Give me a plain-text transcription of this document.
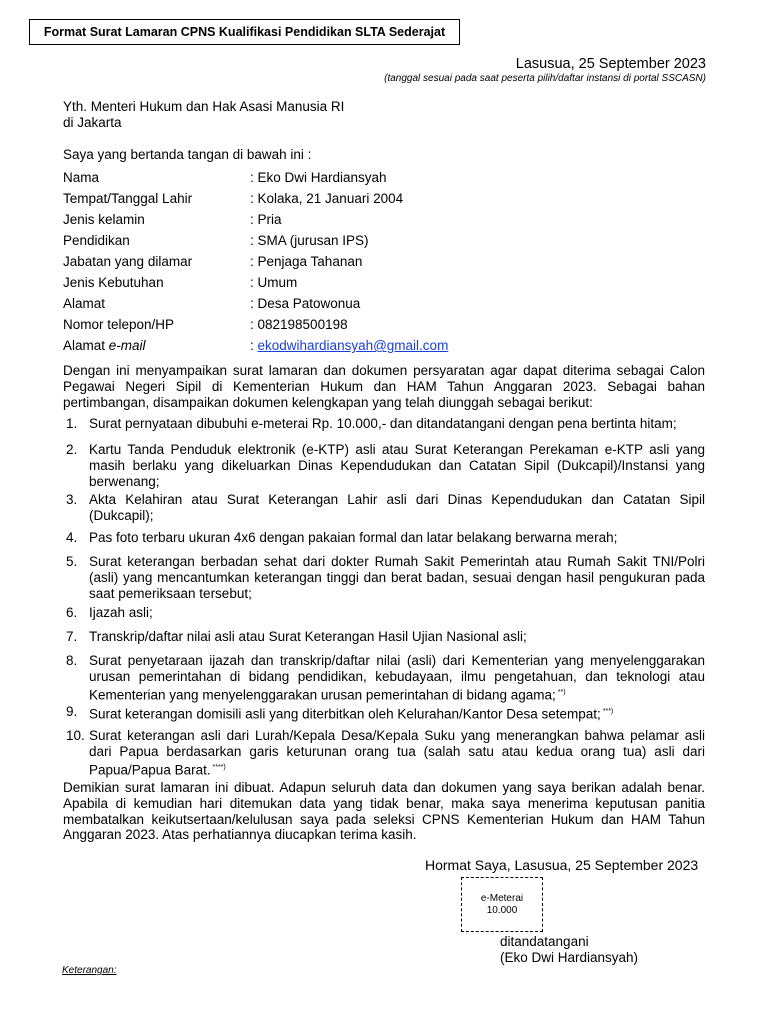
Format Surat Lamaran CPNS Kualifikasi Pendidikan SLTA Sederajat
Lasusua, 25 September 2023
(tanggal sesuai pada saat peserta pilih/daftar instansi di portal SSCASN)
Yth. Menteri Hukum dan Hak Asasi Manusia RI
di Jakarta
Saya yang bertanda tangan di bawah ini :
Nama	: Eko Dwi Hardiansyah
Tempat/Tanggal Lahir	: Kolaka, 21 Januari 2004
Jenis kelamin	: Pria
Pendidikan	: SMA (jurusan IPS)
Jabatan yang dilamar	: Penjaga Tahanan
Jenis Kebutuhan	: Umum
Alamat	: Desa Patowonua
Nomor telepon/HP	: 082198500198
Alamat e-mail	: ekodwihardiansyah@gmail.com
Dengan ini menyampaikan surat lamaran dan dokumen persyaratan agar dapat diterima sebagai Calon Pegawai Negeri Sipil di Kementerian Hukum dan HAM Tahun Anggaran 2023. Sebagai bahan pertimbangan, disampaikan dokumen kelengkapan yang telah diunggah sebagai berikut:
1. Surat pernyataan dibubuhi e-meterai Rp. 10.000,- dan ditandatangani dengan pena bertinta hitam;
2. Kartu Tanda Penduduk elektronik (e-KTP) asli atau Surat Keterangan Perekaman e-KTP asli yang masih berlaku yang dikeluarkan Dinas Kependudukan dan Catatan Sipil (Dukcapil)/Instansi yang berwenang;
3. Akta Kelahiran atau Surat Keterangan Lahir asli dari Dinas Kependudukan dan Catatan Sipil (Dukcapil);
4. Pas foto terbaru ukuran 4x6 dengan pakaian formal dan latar belakang berwarna merah;
5. Surat keterangan berbadan sehat dari dokter Rumah Sakit Pemerintah atau Rumah Sakit TNI/Polri (asli) yang mencantumkan keterangan tinggi dan berat badan, sesuai dengan hasil pengukuran pada saat pemeriksaan tersebut;
6. Ijazah asli;
7. Transkrip/daftar nilai asli atau Surat Keterangan Hasil Ujian Nasional asli;
8. Surat penyetaraan ijazah dan transkrip/daftar nilai (asli) dari Kementerian yang menyelenggarakan urusan pemerintahan di bidang pendidikan, kebudayaan, ilmu pengetahuan, dan teknologi atau Kementerian yang menyelenggarakan urusan pemerintahan di bidang agama; **)
9. Surat keterangan domisili asli yang diterbitkan oleh Kelurahan/Kantor Desa setempat; ***)
10. Surat keterangan asli dari Lurah/Kepala Desa/Kepala Suku yang menerangkan bahwa pelamar asli dari Papua berdasarkan garis keturunan orang tua (salah satu atau kedua orang tua) asli dari Papua/Papua Barat. ****)
Demikian surat lamaran ini dibuat. Adapun seluruh data dan dokumen yang saya berikan adalah benar. Apabila di kemudian hari ditemukan data yang tidak benar, maka saya menerima keputusan panitia membatalkan keikutsertaan/kelulusan saya pada seleksi CPNS Kementerian Hukum dan HAM Tahun Anggaran 2023. Atas perhatiannya diucapkan terima kasih.
Hormat Saya, Lasusua, 25 September 2023
e-Meterai
10.000
ditandatangani
(Eko Dwi Hardiansyah)
Keterangan:
